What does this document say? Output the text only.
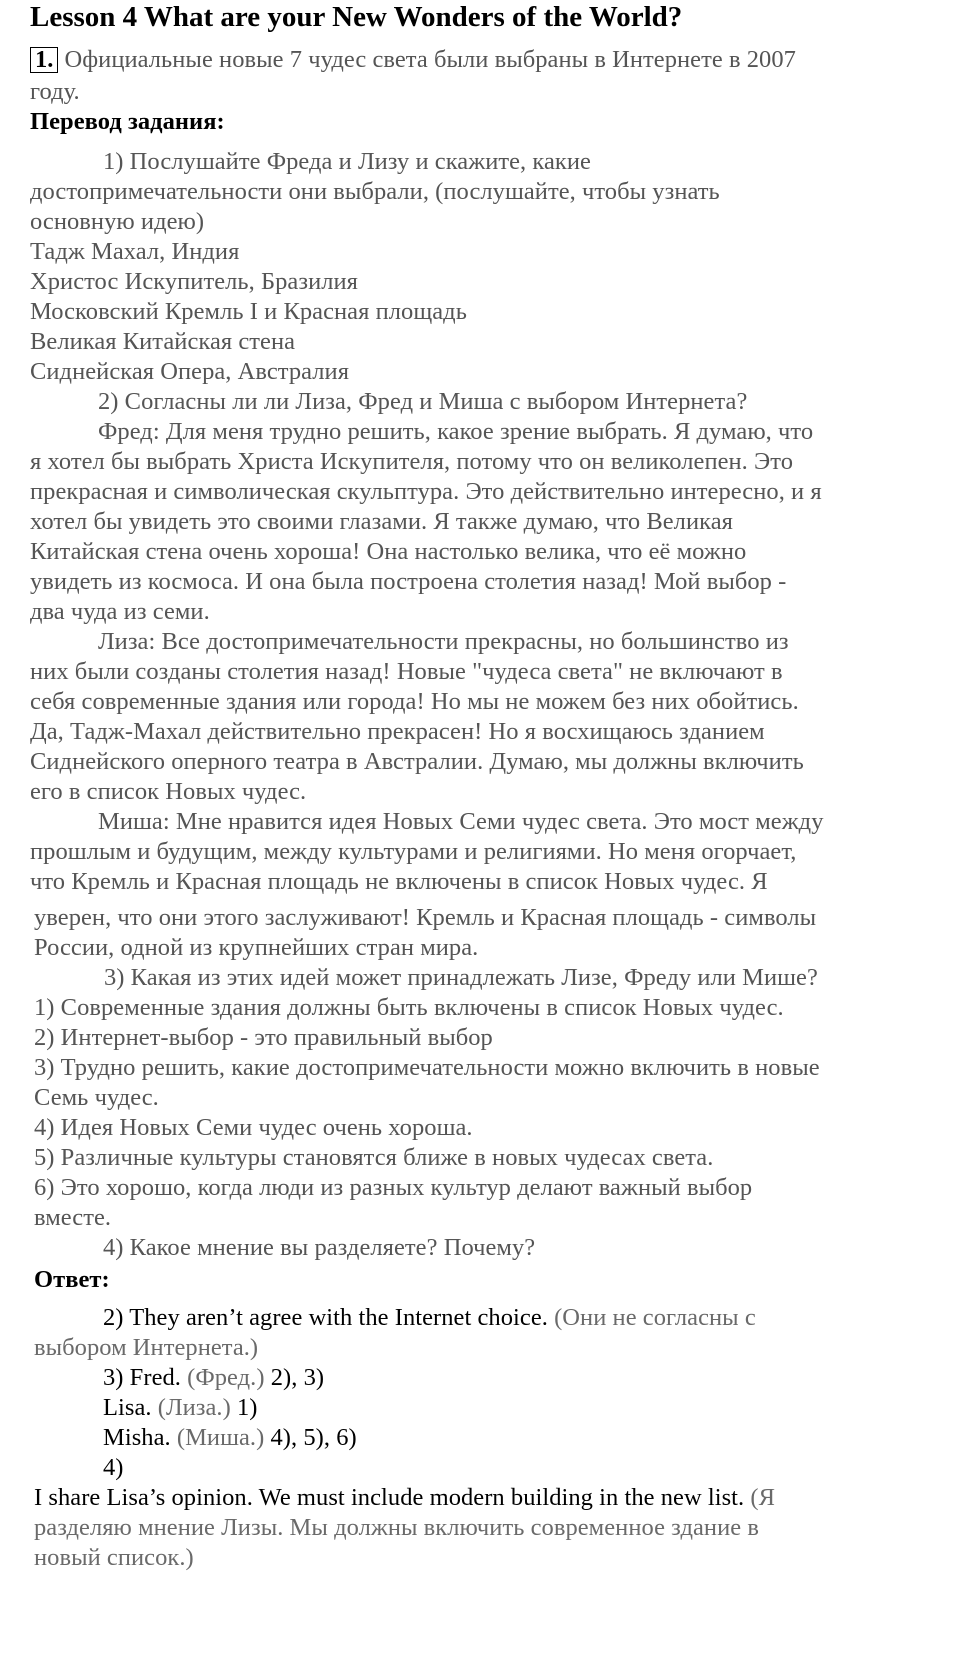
Lesson 4 What are your New Wonders of the World?
1. Официальные новые 7 чудес света были выбраны в Интернете в 2007
году.
Перевод задания:
1) Послушайте Фреда и Лизу и скажите, какие
достопримечательности они выбрали, (послушайте, чтобы узнать
основную идею)
Тадж Махал, Индия
Христос Искупитель, Бразилия
Московский Кремль I и Красная площадь
Великая Китайская стена
Сиднейская Опера, Австралия
2) Согласны ли ли Лиза, Фред и Миша с выбором Интернета?
Фред: Для меня трудно решить, какое зрение выбрать. Я думаю, что
я хотел бы выбрать Христа Искупителя, потому что он великолепен. Это
прекрасная и символическая скульптура. Это действительно интересно, и я
хотел бы увидеть это своими глазами. Я также думаю, что Великая
Китайская стена очень хороша! Она настолько велика, что её можно
увидеть из космоса. И она была построена столетия назад! Мой выбор -
два чуда из семи.
Лиза: Все достопримечательности прекрасны, но большинство из
них были созданы столетия назад! Новые "чудеса света" не включают в
себя современные здания или города! Но мы не можем без них обойтись.
Да, Тадж-Махал действительно прекрасен! Но я восхищаюсь зданием
Сиднейского оперного театра в Австралии. Думаю, мы должны включить
его в список Новых чудес.
Миша: Мне нравится идея Новых Семи чудес света. Это мост между
прошлым и будущим, между культурами и религиями. Но меня огорчает,
что Кремль и Красная площадь не включены в список Новых чудес. Я
уверен, что они этого заслуживают! Кремль и Красная площадь - символы
России, одной из крупнейших стран мира.
3) Какая из этих идей может принадлежать Лизе, Фреду или Мише?
1) Современные здания должны быть включены в список Новых чудес.
2) Интернет-выбор - это правильный выбор
3) Трудно решить, какие достопримечательности можно включить в новые
Семь чудес.
4) Идея Новых Семи чудес очень хороша.
5) Различные культуры становятся ближе в новых чудесах света.
6) Это хорошо, когда люди из разных культур делают важный выбор
вместе.
4) Какое мнение вы разделяете? Почему?
Ответ:
2) They aren’t agree with the Internet choice. (Они не согласны с
выбором Интернета.)
3) Fred. (Фред.) 2), 3)
Lisa. (Лиза.) 1)
Misha. (Миша.) 4), 5), 6)
4)
I share Lisa’s opinion. We must include modern building in the new list. (Я
разделяю мнение Лизы. Мы должны включить современное здание в
новый список.)
